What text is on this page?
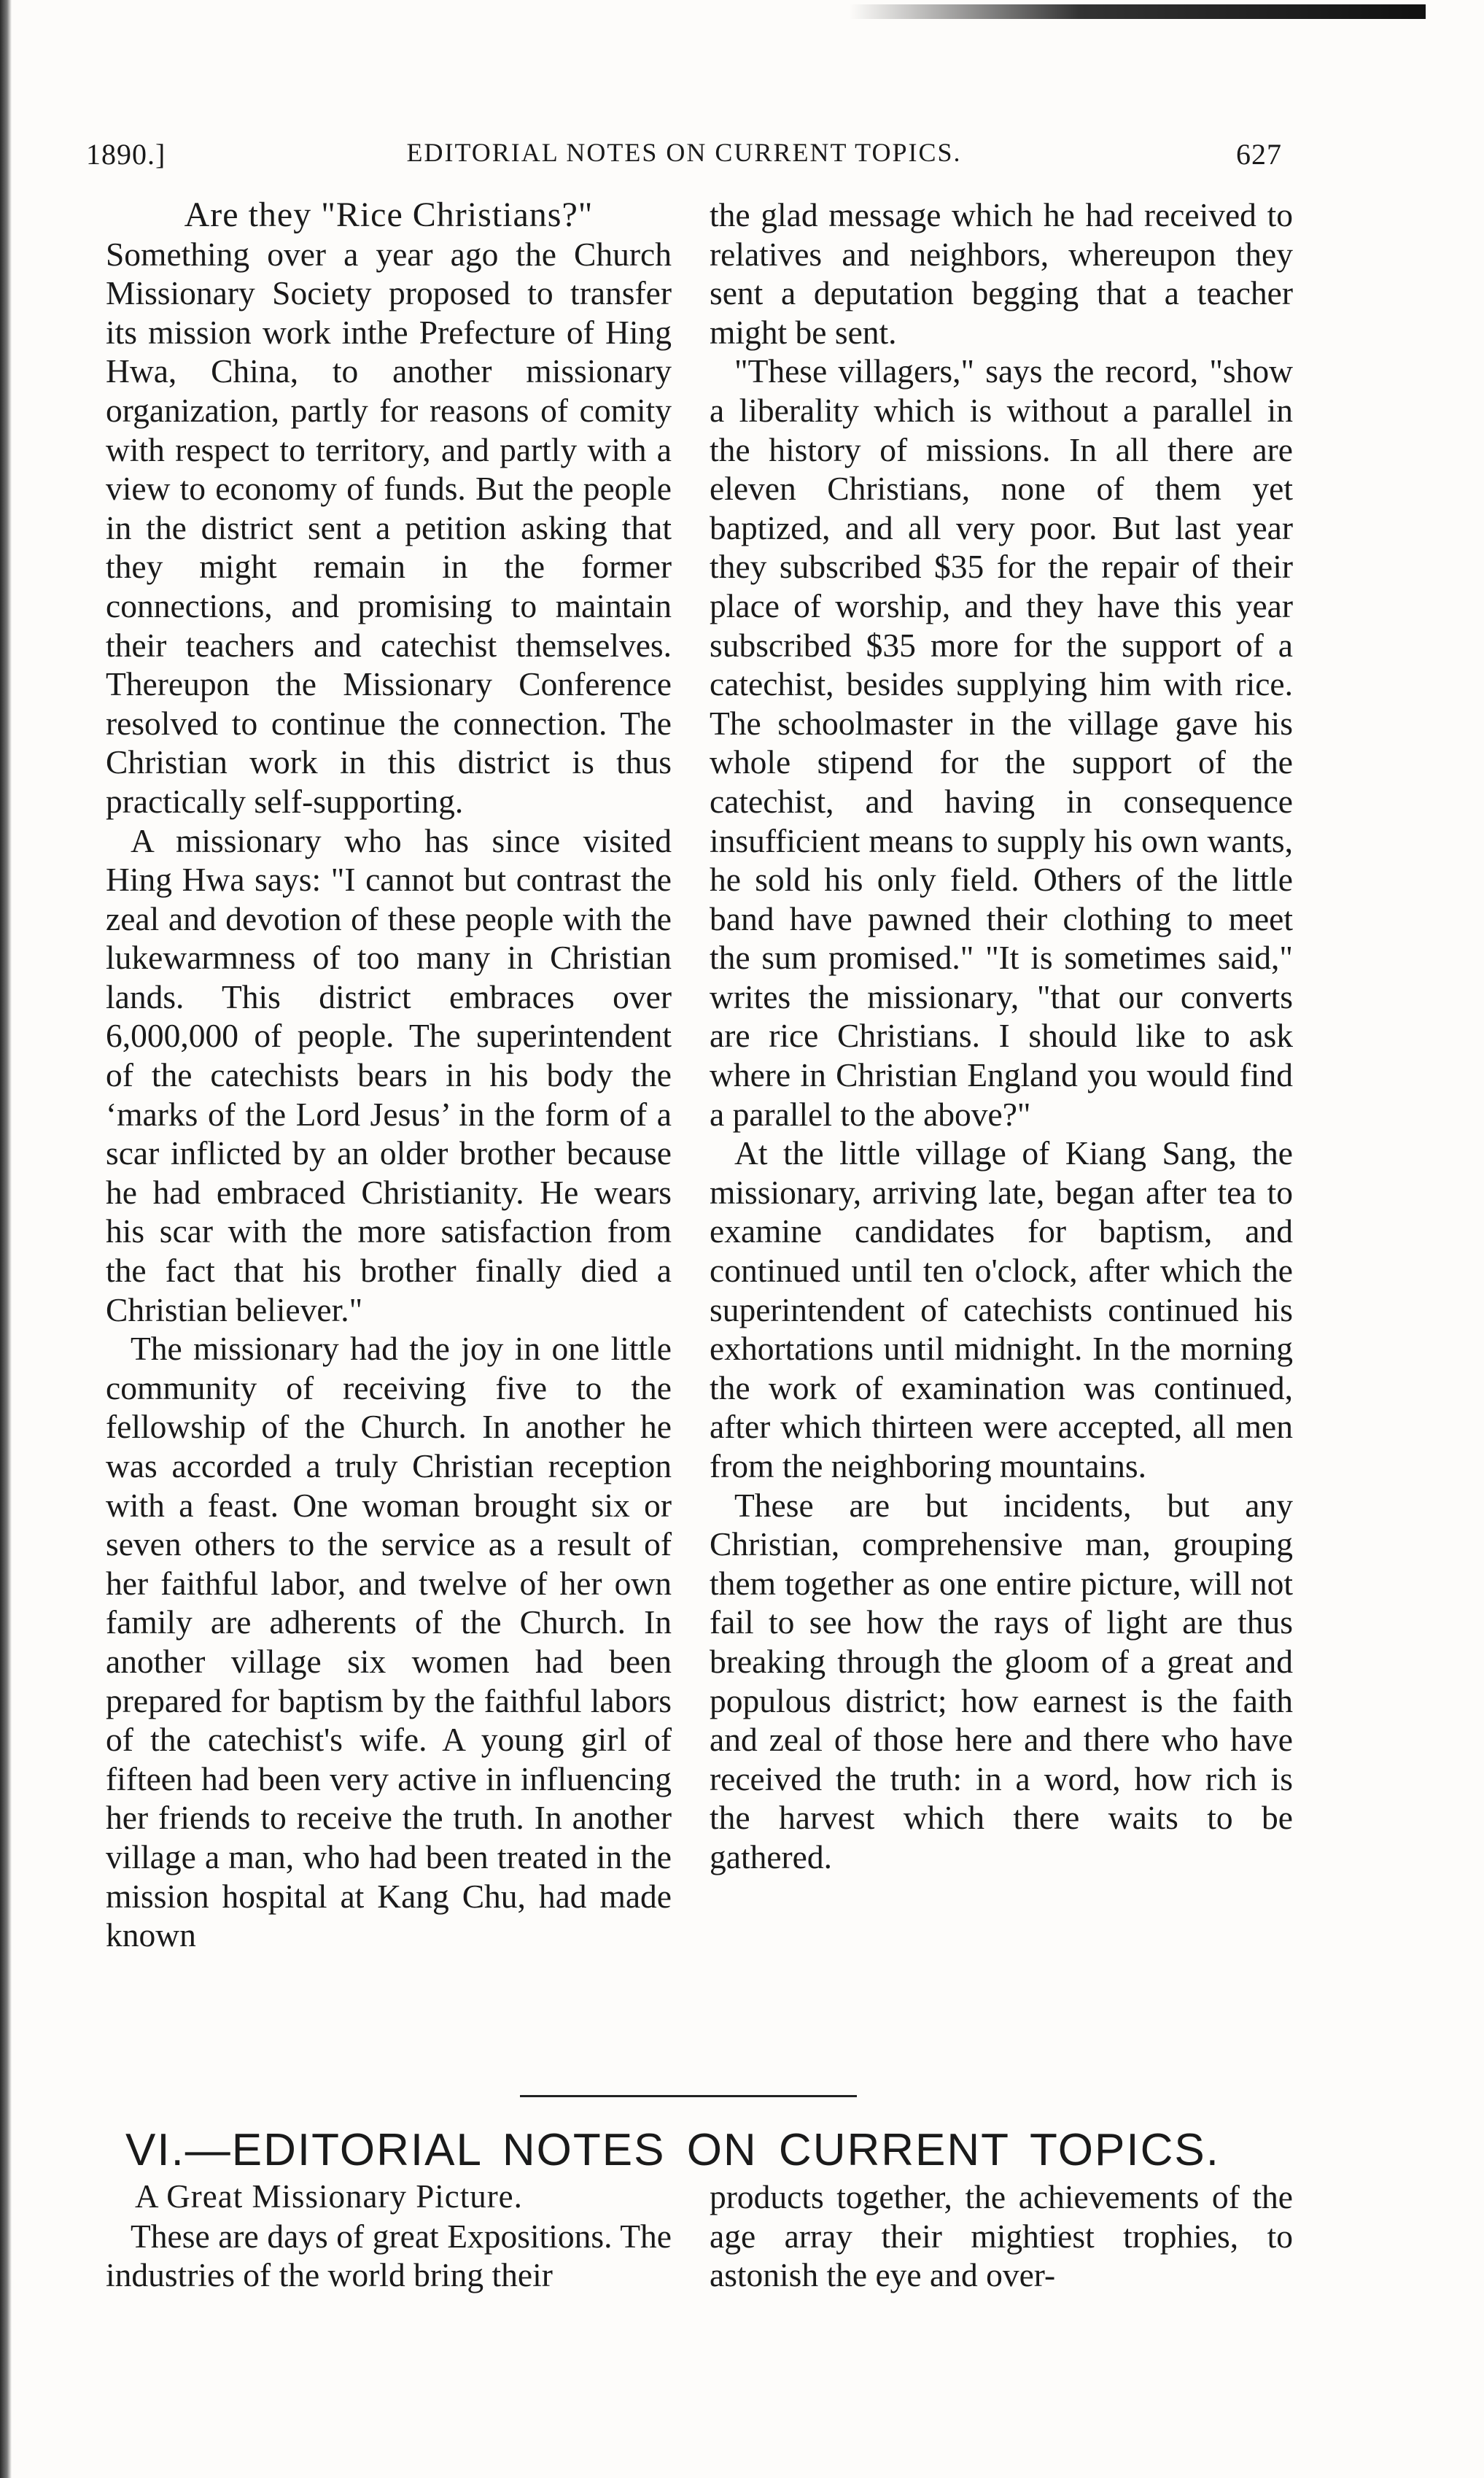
1890.]	EDITORIAL NOTES ON CURRENT TOPICS.	627
Are they "Rice Christians?"

Something over a year ago the Church Missionary Society proposed to transfer its mission work inthe Prefecture of Hing Hwa, China, to another missionary organization, partly for reasons of comity with respect to territory, and partly with a view to economy of funds. But the people in the district sent a petition asking that they might remain in the former connections, and promising to maintain their teachers and catechist themselves. Thereupon the Missionary Conference resolved to continue the connection. The Christian work in this district is thus practically self-supporting.

A missionary who has since visited Hing Hwa says: "I cannot but contrast the zeal and devotion of these people with the lukewarmness of too many in Christian lands. This district embraces over 6,000,000 of people. The superintendent of the catechists bears in his body the ‘marks of the Lord Jesus’ in the form of a scar inflicted by an older brother because he had embraced Christianity. He wears his scar with the more satisfaction from the fact that his brother finally died a Christian believer."

The missionary had the joy in one little community of receiving five to the fellowship of the Church. In another he was accorded a truly Christian reception with a feast. One woman brought six or seven others to the service as a result of her faithful labor, and twelve of her own family are adherents of the Church. In another village six women had been prepared for baptism by the faithful labors of the catechist's wife. A young girl of fifteen had been very active in influencing her friends to receive the truth. In another village a man, who had been treated in the mission hospital at Kang Chu, had made known

the glad message which he had received to relatives and neighbors, whereupon they sent a deputation begging that a teacher might be sent.

"These villagers," says the record, "show a liberality which is without a parallel in the history of missions. In all there are eleven Christians, none of them yet baptized, and all very poor. But last year they subscribed $35 for the repair of their place of worship, and they have this year subscribed $35 more for the support of a catechist, besides supplying him with rice. The schoolmaster in the village gave his whole stipend for the support of the catechist, and having in consequence insufficient means to supply his own wants, he sold his only field. Others of the little band have pawned their clothing to meet the sum promised." "It is sometimes said," writes the missionary, "that our converts are rice Christians. I should like to ask where in Christian England you would find a parallel to the above?"

At the little village of Kiang Sang, the missionary, arriving late, began after tea to examine candidates for baptism, and continued until ten o'clock, after which the superintendent of catechists continued his exhortations until midnight. In the morning the work of examination was continued, after which thirteen were accepted, all men from the neighboring mountains.

These are but incidents, but any Christian, comprehensive man, grouping them together as one entire picture, will not fail to see how the rays of light are thus breaking through the gloom of a great and populous district; how earnest is the faith and zeal of those here and there who have received the truth: in a word, how rich is the harvest which there waits to be gathered.

VI.—EDITORIAL NOTES ON CURRENT TOPICS.
A Great Missionary Picture.

These are days of great Expositions. The industries of the world bring their

products together, the achievements of the age array their mightiest trophies, to astonish the eye and over-
